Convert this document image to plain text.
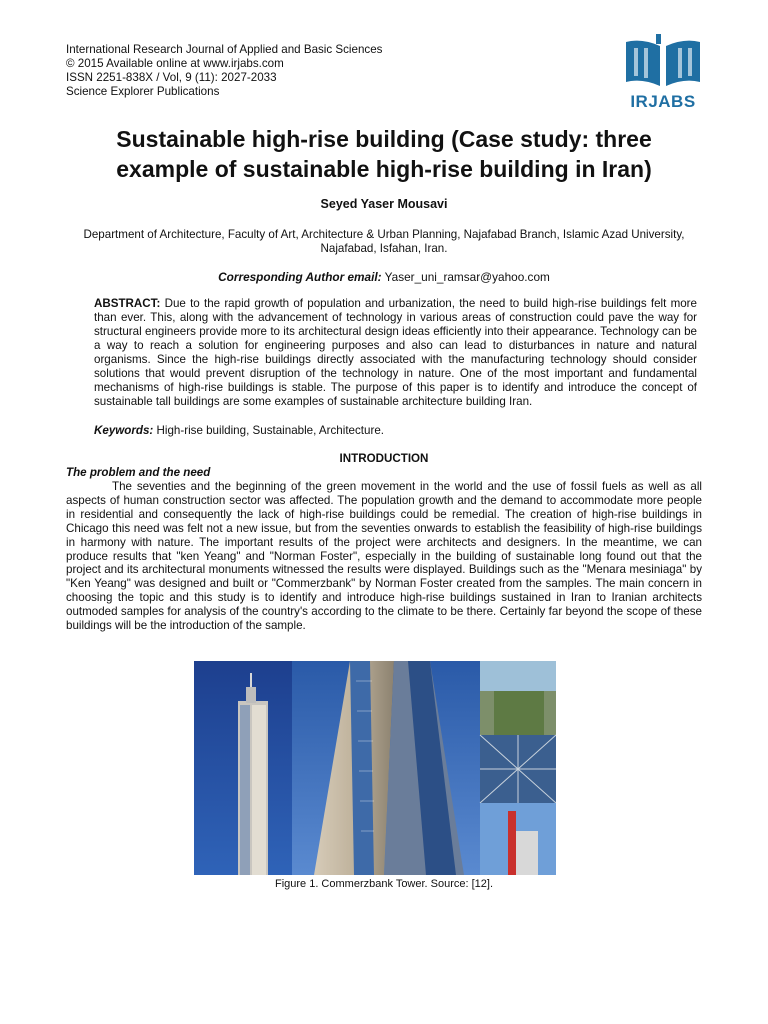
International Research Journal of Applied and Basic Sciences
© 2015 Available online at www.irjabs.com
ISSN 2251-838X / Vol, 9 (11): 2027-2033
Science Explorer Publications
IRJABS
Sustainable high-rise building (Case study: three
example of sustainable high-rise building in Iran)
Seyed Yaser Mousavi
Department of Architecture, Faculty of Art, Architecture & Urban Planning, Najafabad Branch, Islamic Azad University, Najafabad, Isfahan, Iran.
Corresponding Author email: Yaser_uni_ramsar@yahoo.com
ABSTRACT: Due to the rapid growth of population and urbanization, the need to build high-rise buildings felt more than ever. This, along with the advancement of technology in various areas of construction could pave the way for structural engineers provide more to its architectural design ideas efficiently into their appearance. Technology can be a way to reach a solution for engineering purposes and also can lead to disturbances in nature and natural organisms. Since the high-rise buildings directly associated with the manufacturing technology should consider solutions that would prevent disruption of the technology in nature. One of the most important and fundamental mechanisms of high-rise buildings is stable. The purpose of this paper is to identify and introduce the concept of sustainable tall buildings are some examples of sustainable architecture building Iran.
Keywords: High-rise building, Sustainable, Architecture.
INTRODUCTION
The problem and the need
The seventies and the beginning of the green movement in the world and the use of fossil fuels as well as all aspects of human construction sector was affected. The population growth and the demand to accommodate more people in residential and consequently the lack of high-rise buildings could be remedial. The creation of high-rise buildings in Chicago this need was felt not a new issue, but from the seventies onwards to establish the feasibility of high-rise buildings in harmony with nature. The important results of the project were architects and designers. In the meantime, we can produce results that "ken Yeang" and "Norman Foster", especially in the building of sustainable long found out that the project and its architectural monuments witnessed the results were displayed. Buildings such as the "Menara mesiniaga" by "Ken Yeang" was designed and built or "Commerzbank" by Norman Foster created from the samples. The main concern in choosing the topic and this study is to identify and introduce high-rise buildings sustained in Iran to Iranian architects outmoded samples for analysis of the country's according to the climate to be there. Certainly far beyond the scope of these buildings will be the introduction of the sample.
Figure 1. Commerzbank Tower. Source: [12].
